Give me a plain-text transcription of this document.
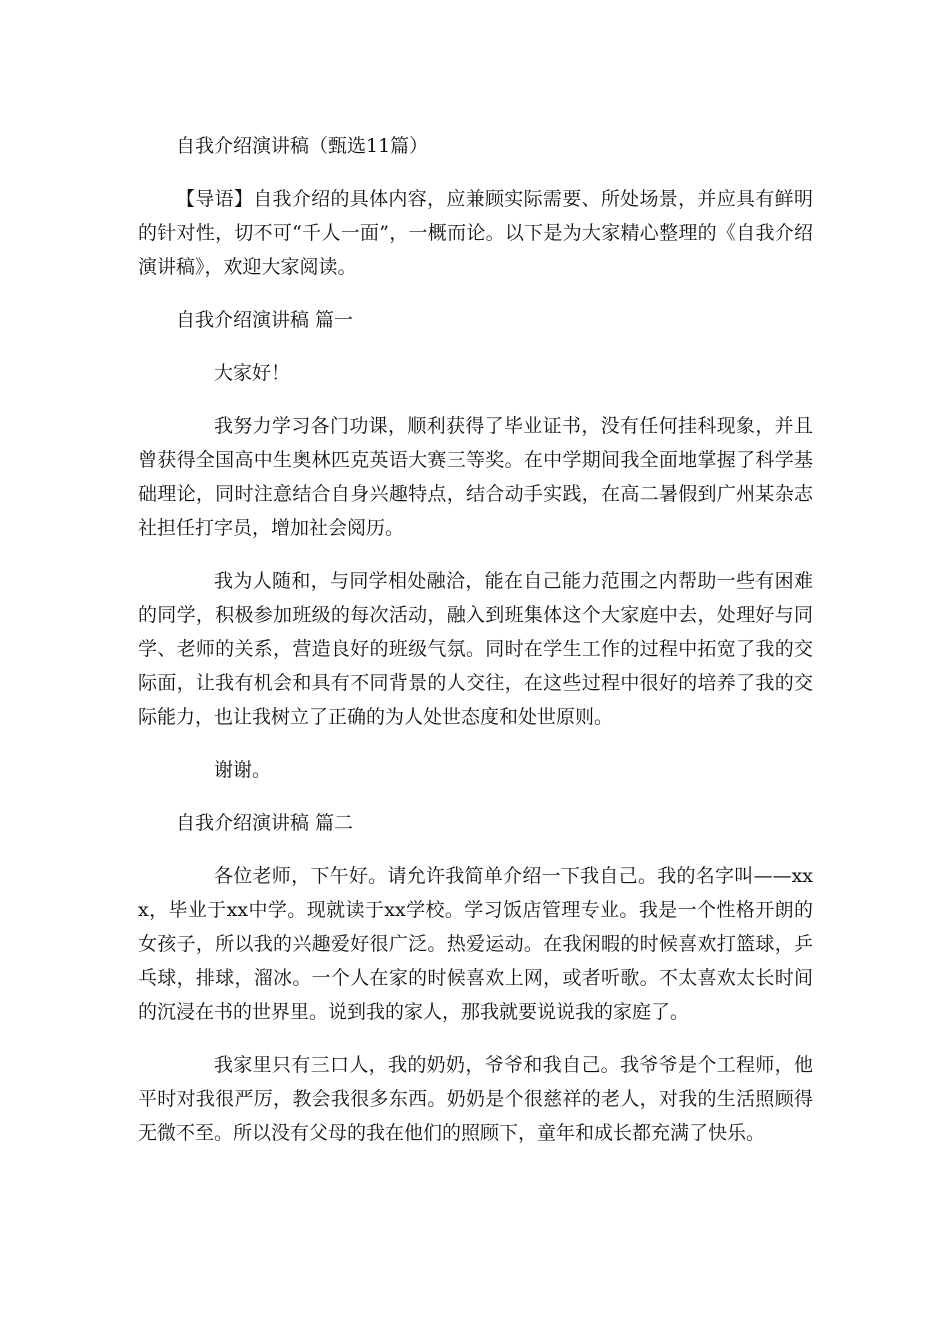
自我介绍演讲稿（甄选11篇）

【导语】自我介绍的具体内容，应兼顾实际需要、所处场景，并应具有鲜明的针对性，切不可“千人一面”，一概而论。以下是为大家精心整理的《自我介绍演讲稿》，欢迎大家阅读。

自我介绍演讲稿 篇一

大家好！

我努力学习各门功课，顺利获得了毕业证书，没有任何挂科现象，并且曾获得全国高中生奥林匹克英语大赛三等奖。在中学期间我全面地掌握了科学基础理论，同时注意结合自身兴趣特点，结合动手实践，在高二暑假到广州某杂志社担任打字员，增加社会阅历。

我为人随和，与同学相处融洽，能在自己能力范围之内帮助一些有困难的同学，积极参加班级的每次活动，融入到班集体这个大家庭中去，处理好与同学、老师的关系，营造良好的班级气氛。同时在学生工作的过程中拓宽了我的交际面，让我有机会和具有不同背景的人交往，在这些过程中很好的培养了我的交际能力，也让我树立了正确的为人处世态度和处世原则。

谢谢。

自我介绍演讲稿 篇二

各位老师，下午好。请允许我简单介绍一下我自己。我的名字叫——xxx，毕业于xx中学。现就读于xx学校。学习饭店管理专业。我是一个性格开朗的女孩子，所以我的兴趣爱好很广泛。热爱运动。在我闲暇的时候喜欢打篮球，乒乓球，排球，溜冰。一个人在家的时候喜欢上网，或者听歌。不太喜欢太长时间的沉浸在书的世界里。说到我的家人，那我就要说说我的家庭了。

我家里只有三口人，我的奶奶，爷爷和我自己。我爷爷是个工程师，他平时对我很严厉，教会我很多东西。奶奶是个很慈祥的老人，对我的生活照顾得无微不至。所以没有父母的我在他们的照顾下，童年和成长都充满了快乐。
